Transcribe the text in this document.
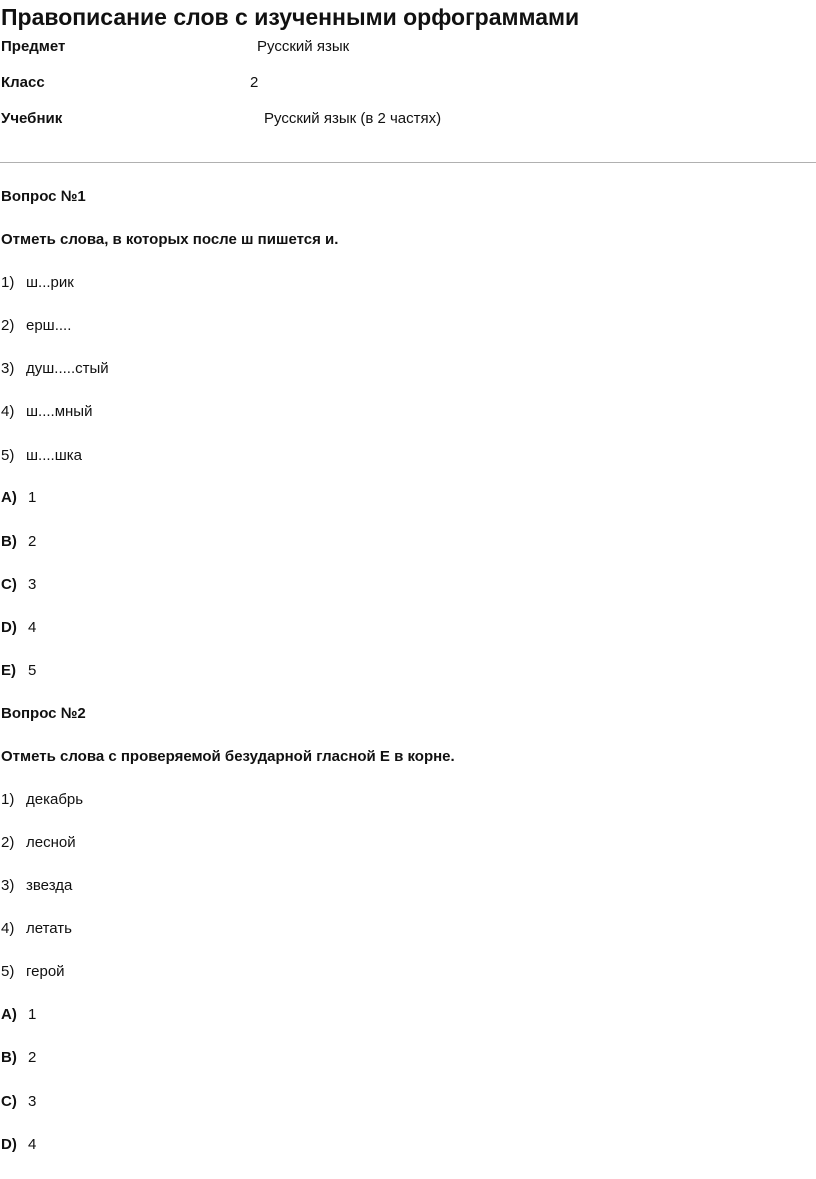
Правописание слов с изученными орфограммами
Предмет	Русский язык
Класс	2
Учебник	Русский язык (в 2 частях)
Вопрос №1
Отметь слова, в которых после ш пишется и.
1) ш...рик
2) ерш....
3) душ.....стый
4) ш....мный
5) ш....шка
A) 1
B) 2
C) 3
D) 4
E) 5
Вопрос №2
Отметь слова с проверяемой безударной гласной Е в корне.
1) декабрь
2) лесной
3) звезда
4) летать
5) герой
A) 1
B) 2
C) 3
D) 4
